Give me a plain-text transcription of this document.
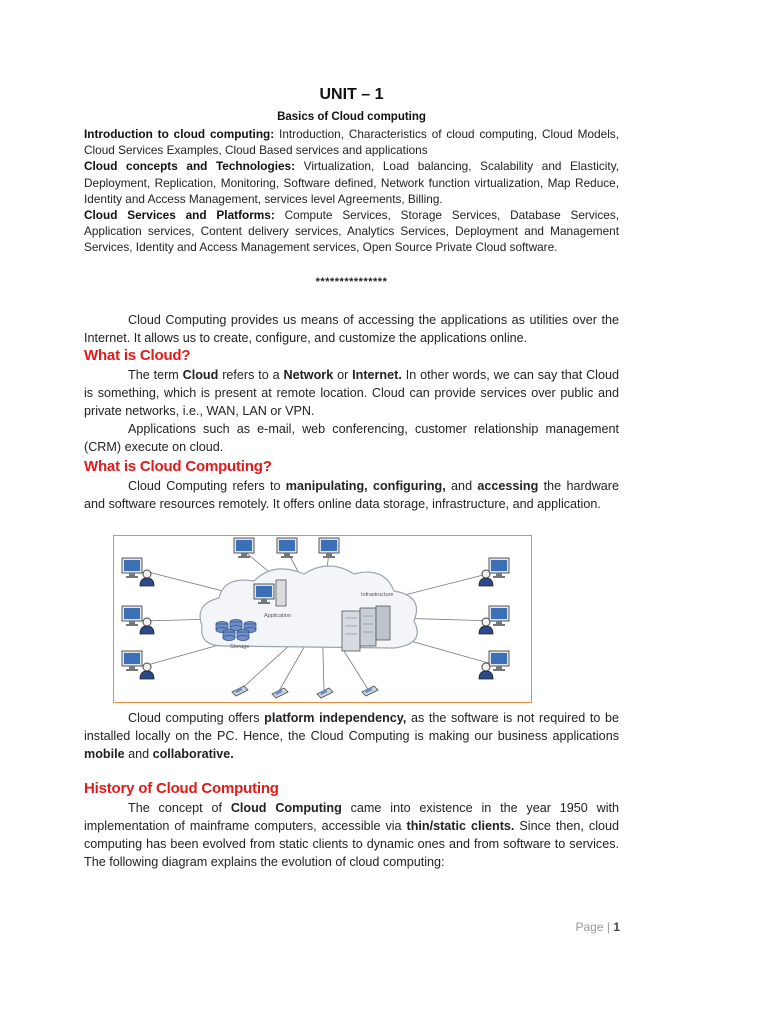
UNIT – 1
Basics of Cloud computing

Introduction to cloud computing: Introduction, Characteristics of cloud computing, Cloud Models, Cloud Services Examples, Cloud Based services and applications

Cloud concepts and Technologies: Virtualization, Load balancing, Scalability and Elasticity, Deployment, Replication, Monitoring, Software defined, Network function virtualization, Map Reduce, Identity and Access Management, services level Agreements, Billing.

Cloud Services and Platforms: Compute Services, Storage Services, Database Services, Application services, Content delivery services, Analytics Services, Deployment and Management Services, Identity and Access Management services, Open Source Private Cloud software.

***************

Cloud Computing provides us means of accessing the applications as utilities over the Internet. It allows us to create, configure, and customize the applications online.

What is Cloud?

The term Cloud refers to a Network or Internet. In other words, we can say that Cloud is something, which is present at remote location. Cloud can provide services over public and private networks, i.e., WAN, LAN or VPN.

Applications such as e-mail, web conferencing, customer relationship management (CRM) execute on cloud.

What is Cloud Computing?

Cloud Computing refers to manipulating, configuring, and accessing the hardware and software resources remotely. It offers online data storage, infrastructure, and application.

Cloud computing offers platform independency, as the software is not required to be installed locally on the PC. Hence, the Cloud Computing is making our business applications mobile and collaborative.

History of Cloud Computing

The concept of Cloud Computing came into existence in the year 1950 with implementation of mainframe computers, accessible via thin/static clients. Since then, cloud computing has been evolved from static clients to dynamic ones and from software to services. The following diagram explains the evolution of cloud computing:

Application
Infrastructure
Storage
Page | 1
